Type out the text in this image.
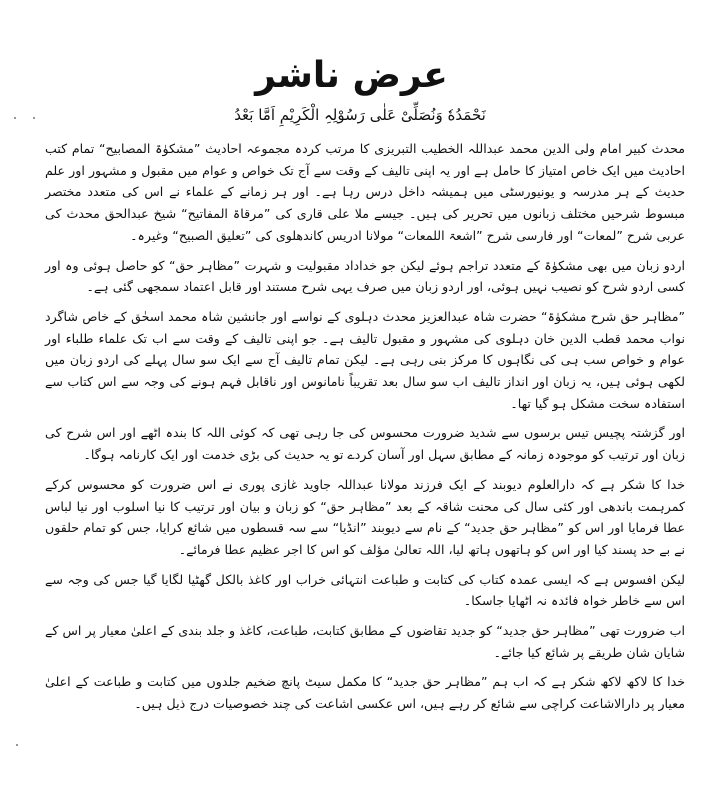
عرض ناشر
نَحْمَدُهٗ وَنُصَلِّیْ عَلٰی رَسُوْلِہِ الْکَرِیْمِ اَمَّا بَعْدُ

محدث کبیر امام ولی الدین محمد عبداللہ الخطیب التبریزی کا مرتب کردہ مجموعہ احادیث ”مشکوٰۃ المصابیح“ تمام کتب احادیث میں ایک خاص امتیاز کا حامل ہے اور یہ اپنی تالیف کے وقت سے آج تک خواص و عوام میں مقبول و مشہور اور علم حدیث کے ہر مدرسہ و یونیورسٹی میں ہمیشہ داخل درس رہا ہے۔ اور ہر زمانے کے علماء نے اس کی متعدد مختصر مبسوط شرحیں مختلف زبانوں میں تحریر کی ہیں۔ جیسے ملا علی قاری کی ”مرقاۃ المفاتیح“ شیخ عبدالحق محدث کی عربی شرح ”لمعات“ اور فارسی شرح ”اشعۃ اللمعات“ مولانا ادریس کاندھلوی کی ”تعلیق الصبیح“ وغیرہ۔

اردو زبان میں بھی مشکوٰۃ کے متعدد تراجم ہوئے لیکن جو خداداد مقبولیت و شہرت ”مظاہر حق“ کو حاصل ہوئی وہ اور کسی اردو شرح کو نصیب نہیں ہوئی، اور اردو زبان میں صرف یہی شرح مستند اور قابل اعتماد سمجھی گئی ہے۔

”مظاہر حق شرح مشکوٰۃ“ حضرت شاہ عبدالعزیز محدث دہلوی کے نواسے اور جانشین شاہ محمد اسحٰق کے خاص شاگرد نواب محمد قطب الدین خان دہلوی کی مشہور و مقبول تالیف ہے۔ جو اپنی تالیف کے وقت سے اب تک علماء طلباء اور عوام و خواص سب ہی کی نگاہوں کا مرکز بنی رہی ہے۔ لیکن تمام تالیف آج سے ایک سو سال پہلے کی اردو زبان میں لکھی ہوئی ہیں، یہ زبان اور انداز تالیف اب سو سال بعد تقریباً نامانوس اور ناقابل فہم ہونے کی وجہ سے اس کتاب سے استفادہ سخت مشکل ہو گیا تھا۔

اور گزشتہ پچیس تیس برسوں سے شدید ضرورت محسوس کی جا رہی تھی کہ کوئی اللہ کا بندہ اٹھے اور اس شرح کی زبان اور ترتیب کو موجودہ زمانہ کے مطابق سہل اور آسان کردے تو یہ حدیث کی بڑی خدمت اور ایک کارنامہ ہوگا۔

خدا کا شکر ہے کہ دارالعلوم دیوبند کے ایک فرزند مولانا عبداللہ جاوید غازی پوری نے اس ضرورت کو محسوس کرکے کمرہمت باندھی اور کئی سال کی محنت شاقہ کے بعد ”مظاہر حق“ کو زبان و بیان اور ترتیب کا نیا اسلوب اور نیا لباس عطا فرمایا اور اس کو ”مظاہر حق جدید“ کے نام سے دیوبند ”انڈیا“ سے سہ قسطوں میں شائع کرایا، جس کو تمام حلقوں نے بے حد پسند کیا اور اس کو ہاتھوں ہاتھ لیا، اللہ تعالیٰ مؤلف کو اس کا اجر عظیم عطا فرمائے۔

لیکن افسوس ہے کہ ایسی عمدہ کتاب کی کتابت و طباعت انتہائی خراب اور کاغذ بالکل گھٹیا لگایا گیا جس کی وجہ سے اس سے خاطر خواہ فائدہ نہ اٹھایا جاسکا۔

اب ضرورت تھی ”مظاہر حق جدید“ کو جدید تقاضوں کے مطابق کتابت، طباعت، کاغذ و جلد بندی کے اعلیٰ معیار پر اس کے شایان شان طریقے پر شائع کیا جائے۔

خدا کا لاکھ لاکھ شکر ہے کہ اب ہم ”مظاہر حق جدید“ کا مکمل سیٹ پانچ ضخیم جلدوں میں کتابت و طباعت کے اعلیٰ معیار پر دارالاشاعت کراچی سے شائع کر رہے ہیں، اس عکسی اشاعت کی چند خصوصیات درج ذیل ہیں۔
